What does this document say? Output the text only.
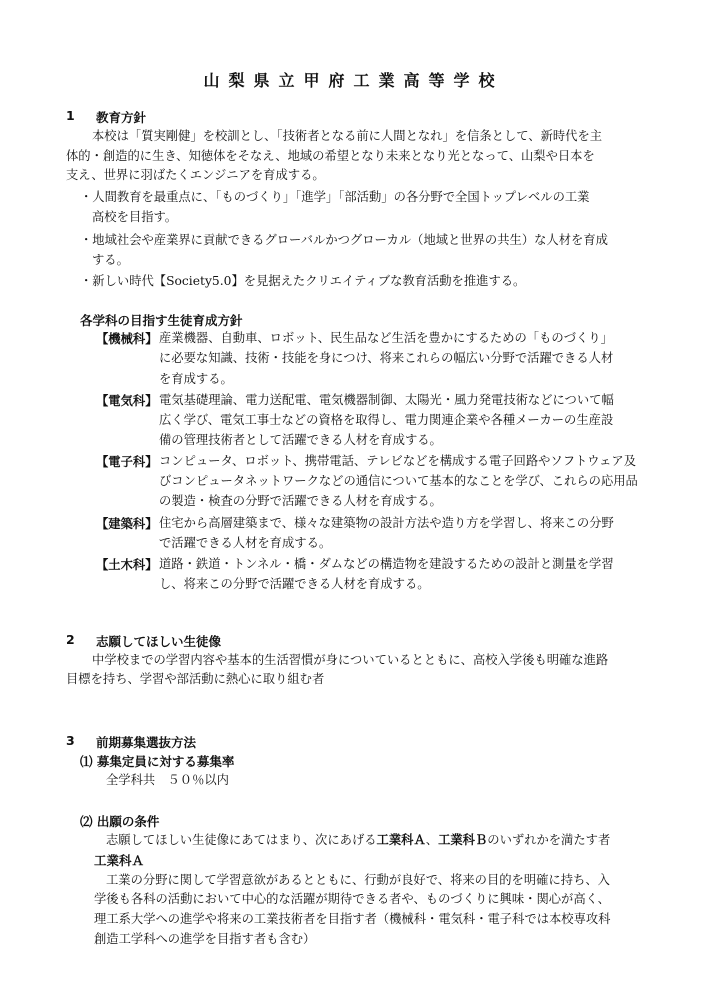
山梨県立甲府工業高等学校
1 教育方針
本校は「質実剛健」を校訓とし、「技術者となる前に人間となれ」を信条として、新時代を主
体的・創造的に生き、知徳体をそなえ、地域の希望となり未来となり光となって、山梨や日本を
支え、世界に羽ばたくエンジニアを育成する。
・人間教育を最重点に、「ものづくり」「進学」「部活動」の各分野で全国トップレベルの工業
高校を目指す。
・地域社会や産業界に貢献できるグローバルかつグローカル（地域と世界の共生）な人材を育成
する。
・新しい時代【Society5.0】を見据えたクリエイティブな教育活動を推進する。
各学科の目指す生徒育成方針
【機械科】 産業機器、自動車、ロボット、民生品など生活を豊かにするための「ものづくり」
に必要な知識、技術・技能を身につけ、将来これらの幅広い分野で活躍できる人材
を育成する。
【電気科】 電気基礎理論、電力送配電、電気機器制御、太陽光・風力発電技術などについて幅
広く学び、電気工事士などの資格を取得し、電力関連企業や各種メーカーの生産設
備の管理技術者として活躍できる人材を育成する。
【電子科】 コンピュータ、ロボット、携帯電話、テレビなどを構成する電子回路やソフトウェア及
びコンピュータネットワークなどの通信について基本的なことを学び、これらの応用品
の製造・検査の分野で活躍できる人材を育成する。
【建築科】 住宅から高層建築まで、様々な建築物の設計方法や造り方を学習し、将来この分野
で活躍できる人材を育成する。
【土木科】 道路・鉄道・トンネル・橋・ダムなどの構造物を建設するための設計と測量を学習
し、将来この分野で活躍できる人材を育成する。
2 志願してほしい生徒像
中学校までの学習内容や基本的生活習慣が身についているとともに、高校入学後も明確な進路
目標を持ち、学習や部活動に熱心に取り組む者
3 前期募集選抜方法
⑴ 募集定員に対する募集率
全学科共　５０％以内
⑵ 出願の条件
志願してほしい生徒像にあてはまり、次にあげる工業科Ａ、工業科Ｂのいずれかを満たす者
工業科Ａ
工業の分野に関して学習意欲があるとともに、行動が良好で、将来の目的を明確に持ち、入
学後も各科の活動において中心的な活躍が期待できる者や、ものづくりに興味・関心が高く、
理工系大学への進学や将来の工業技術者を目指す者（機械科・電気科・電子科では本校専攻科
創造工学科への進学を目指す者も含む）
